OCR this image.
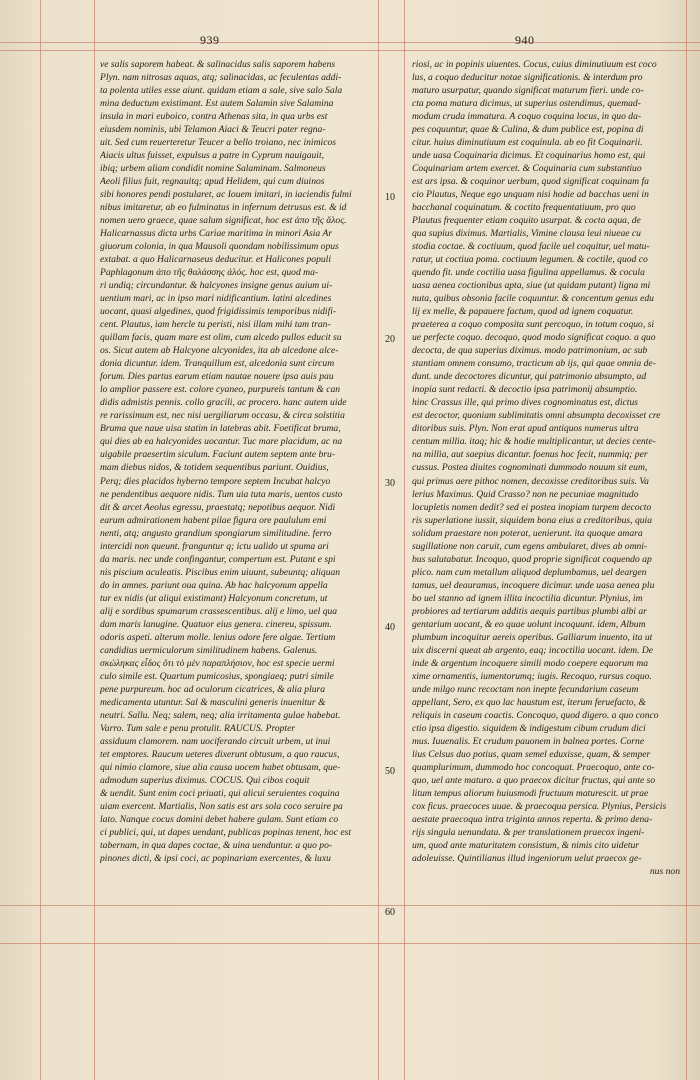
939	940
10
20
30
40
50
60
ve salis saporem habeat. & salinacidus salis saporem habens
Plyn. nam nitrosas aquas, atq; salinacidas, ac feculentas addi-
ta polenta utiles esse aiunt. quidam etiam a sale, sive salo Sala
mina deductum existimant. Est autem Salamin sive Salamina
insula in mari euboico, contra Athenas sita, in qua urbs est
eiusdem nominis, ubi Telamon Aiaci & Teucri pater regna-
uit. Sed cum reuerteretur Teucer a bello troiano, nec inimicos
Aiacis ultus fuisset, expulsus a patre in Cyprum nauigauit,
ibiq; urbem aliam condidit nomine Salaminam. Salmoneus
Aeoli filius fuit, regnauitq; apud Helidem, qui cum diuinos
sibi honores pendi postularet, ac Iouem imitari, in iaciendis fulmi
nibus imitaretur, ab eo fulminatus in infernum detrusus est. & id
nomen uero graece, quae salum significat, hoc est άπο τῆς ἅλος.
Halicarnassus dicta urbs Cariae maritima in minori Asia Ar
giuorum colonia, in qua Mausoli quondam nobilissimum opus
extabat. a quo Halicarnaseus deducitur. et Halicones populi
Paphlagonum άπο τῆς θαλάσσης ἁλός. hoc est, quod ma-
ri undiq; circundantur. & halcyones insigne genus auium ui-
uentium mari, ac in ipso mari nidificantium. latini alcedines
uocant, quasi algedines, quod frigidissimis temporibus nidifi-
cent. Plautus, iam hercle tu peristi, nisi illam mihi tam tran-
quillam facis, quam mare est olim, cum alcedo pullos educit su
os. Sicut autem ab Halcyone alcyonides, ita ab alcedone alce-
donia dicuntur. idem. Tranquillum est, alcedonia sunt circum
forum. Dies partus earum etiam nautae nouere ipsa auis pau
lo amplior passere est. colore cyaneo, purpureis tantum & can
didis admistis pennis. collo gracili, ac procero. hanc autem uide
re rarissimum est, nec nisi uergiliarum occasu, & circa solstitia
Bruma que naue uisa statim in latebras abit. Foetificat bruma,
qui dies ab ea halcyonides uocantur. Tuc mare placidum, ac na
uigabile praesertim siculum. Faciunt autem septem ante bru-
mam diebus nidos, & totidem sequentibus pariunt. Ouidius,
Perq; dies placidos hyberno tempore septem Incubat halcyo
ne pendentibus aequore nidis. Tum uia tuta maris, uentos custo
dit & arcet Aeolus egressu, praestatq; nepotibus aequor. Nidi
earum admirationem habent pilae figura ore paululum emi
nenti, atq; angusto grandium spongiarum similitudine. ferro
intercidi non queunt. franguntur q; ictu ualido ut spuma ari
da maris. nec unde confingantur, compertum est. Putant e spi
nis piscium aculeatis. Piscibus enim uiuunt, subeuntq; aliquan
do in amnes. pariunt oua quina. Ab hac halcyonum appella
tur ex nidis (ut aliqui existimant) Halcyonum concretum, ut
alij e sordibus spumarum crassescentibus. alij e limo, uel qua
dam maris lanugine. Quatuor eius genera. cinereu, spissum.
odoris aspeti. alterum molle. lenius odore fere algae. Tertium
candidius uermiculorum similitudinem habens. Galenus.
σκώληκας εἶδος ὅτι τὸ μὲν παραπλήσιον, hoc est specie uermi
culo simile est. Quartum pumicosius, spongiaeq; putri simile
pene purpureum. hoc ad oculorum cicatrices, & alia plura
medicamenta utuntur. Sal & masculini generis inuenitur &
neutri. Sallu. Neq; salem, neq; alia irritamenta gulae habebat.
Varro. Tum sale e penu protulit. RAUCUS. Propter
assiduum clamorem. nam uociferando circuit urbem, ut inui
tet emptores. Raucum ueteres dixerunt obtusum, a quo raucus,
qui nimio clamore, siue alia causa uocem habet obtusam, que-
admodum superius diximus. COCUS. Qui cibos coquit
& uendit. Sunt enim coci priuati, qui alicui seruientes coquina
uiam exercent. Martialis, Non satis est ars sola coco seruire pa
lato. Nanque cocus domini debet habere gulam. Sunt etiam co
ci publici, qui, ut dapes uendant, publicas popinas tenent, hoc est
tabernam, in qua dapes coctae, & uina uenduntur. a quo po-
pinones dicti, & ipsi coci, ac popinariam exercentes, & luxu
riosi, ac in popinis uiuentes. Cocus, cuius diminutiuum est coco
lus, a coquo deducitur notae significationis. & interdum pro
maturo usurpatur, quando significat maturum fieri. unde co-
cta poma matura dicimus, ut superius ostendimus, quemad-
modum cruda immatura. A coquo coquina locus, in quo da-
pes coquuntur, quae & Culina, & dum publice est, popina di
citur. huius diminutiuum est coquinula. ab eo fit Coquinarii.
unde uasa Coquinaria dicimus. Et coquinarius homo est, qui
Coquinariam artem exercet. & Coquinaria cum substantiuo
est ars ipsa. & coquinor uerbum, quod significat coquinam fa
cio Plautus, Neque ego unquam nisi hodie ad bacchas ueni in
bacchanal coquinatum. & coctito frequentatiuum, pro quo
Plautus frequenter etiam coquito usurpat. & cocta aqua, de
qua supius diximus. Martialis, Vimine clausa leui niueae cu
stodia coctae. & coctiuum, quod facile uel coquitur, uel matu-
ratur, ut coctiua poma. coctiuum legumen. & coctile, quod co
quendo fit. unde coctilia uasa figulina appellamus. & cocula
uasa aenea coctionibus apta, siue (ut quidam putant) ligna mi
nuta, quibus obsonia facile coquuntur. & concentum genus edu
lij ex melle, & papauere factum, quod ad ignem coquatur.
praeterea a coquo composita sunt percoquo, in totum coquo, si
ue perfecte coquo. decoquo, quod modo significat coquo. a quo
decocta, de qua superius diximus. modo patrimonium, ac sub
stantiam omnem consumo, tracticum ab ijs, qui quae omnia de-
dunt. unde decoctores dicuntur, qui patrimonio absumpto, ad
inopia sunt redacti. & decoctio ipsa patrimonij absumptio.
hinc Crassus ille, qui primo dives cognominatus est, dictus
est decoctor, quoniam sublimitatis omni absumpta decoxisset cre
ditoribus suis. Plyn. Non erat apud antiquos numerus ultra
centum millia. itaq; hic & hodie multiplicantur, ut decies cente-
na millia, aut saepius dicantur. foenus hoc fecit, nummiq; per
cussus. Postea diuites cognominati dummodo nouum sit eum,
qui primus aere pithoc nomen, decoxisse creditoribus suis. Va
lerius Maximus. Quid Crasso? non ne pecuniae magnitudo
locupletis nomen dedit? sed ei postea inopiam turpem decocto
ris superlatione iussit, siquidem bona eius a creditoribus, quia
solidum praestare non poterat, uenierunt. ita quoque amara
sugillatione non caruit, cum egens ambularet, dives ab omni-
bus salutabatur. Incoquo, quod proprie significat coquendo ap
plico. nam cum metallum aliquod deplumbamus, uel deargen
tamus, uel deauramus, incoquere dicimur. unde uasa aenea plu
bo uel stanno ad ignem illita incoctilia dicuntur. Plynius, im
probiores ad tertiarum additis aequis partibus plumbi albi ar
gentarium uocant, & eo quae uolunt incoquunt. idem, Album
plumbum incoquitur aereis operibus. Galliarum inuento, ita ut
uix discerni queat ab argento, eaq; incoctilia uocant. idem. De
inde & argentum incoquere simili modo coepere equorum ma
xime ornamentis, iumentorumq; iugis. Recoquo, rursus coquo.
unde milgo nunc recoctam non inepte fecundarium caseum
appellant, Sero, ex quo lac haustum est, iterum feruefacto, &
reliquis in caseum coactis. Concoquo, quod digero. a quo conco
ctio ipsa digestio. siquidem & indigestum cibum crudum dici
mus. Iuuenalis. Et crudum pauonem in balnea portes. Corne
lius Celsus duo potius, quam semel eduxisse, quam, & semper
quamplurimum, dummodo hoc concoquat. Praecoquo, ante co-
quo, uel ante maturo. a quo praecox dicitur fructus, qui ante so
litum tempus aliorum huiusmodi fructuum maturescit. ut prae
cox ficus. praecoces uuae. & praecoqua persica. Plynius, Persicis
aestate praecoqua intra triginta annos reperta. & primo dena-
rijs singula uenundata. & per translationem praecox ingeni-
um, quod ante maturitatem consistum, & nimis cito uidetur
adoleuisse. Quintilianus illud ingeniorum uelut praecox ge-
nus non
